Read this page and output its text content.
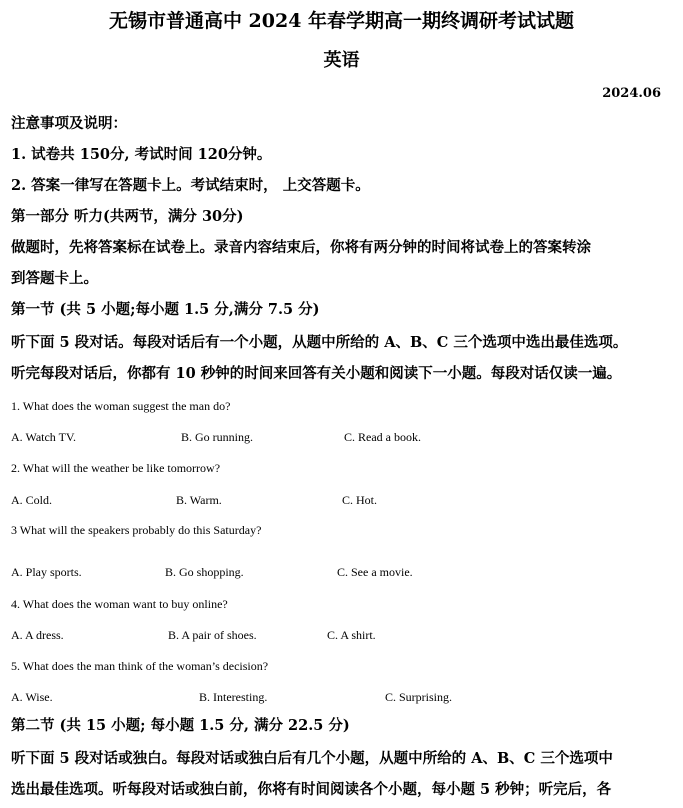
无锡市普通高中 2024 年春学期高一期终调研考试试题
英语
2024.06
注意事项及说明：
1. 试卷共 150分, 考试时间 120分钟。
2. 答案一律写在答题卡上。考试结束时， 上交答题卡。
第一部分 听力(共两节，满分 30分)
做题时，先将答案标在试卷上。录音内容结束后，你将有两分钟的时间将试卷上的答案转涂
到答题卡上。
第一节 (共 5 小题;每小题 1.5 分,满分 7.5 分)
听下面 5 段对话。每段对话后有一个小题，从题中所给的 A、B、C 三个选项中选出最佳选项。
听完每段对话后，你都有 10 秒钟的时间来回答有关小题和阅读下一小题。每段对话仅读一遍。
1. What does the woman suggest the man do?
A. Watch TV.	B. Go running.	C. Read a book.
2. What will the weather be like tomorrow?
A. Cold.	B. Warm.	C. Hot.
3 What will the speakers probably do this Saturday?
A. Play sports.	B. Go shopping.	C. See a movie.
4. What does the woman want to buy online?
A. A dress.	B. A pair of shoes.	C. A shirt.
5. What does the man think of the woman’s decision?
A. Wise.	B. Interesting.	C. Surprising.
第二节 (共 15 小题; 每小题 1.5 分, 满分 22.5 分)
听下面 5 段对话或独白。每段对话或独白后有几个小题，从题中所给的 A、B、C 三个选项中
选出最佳选项。听每段对话或独白前，你将有时间阅读各个小题，每小题 5 秒钟；听完后，各
